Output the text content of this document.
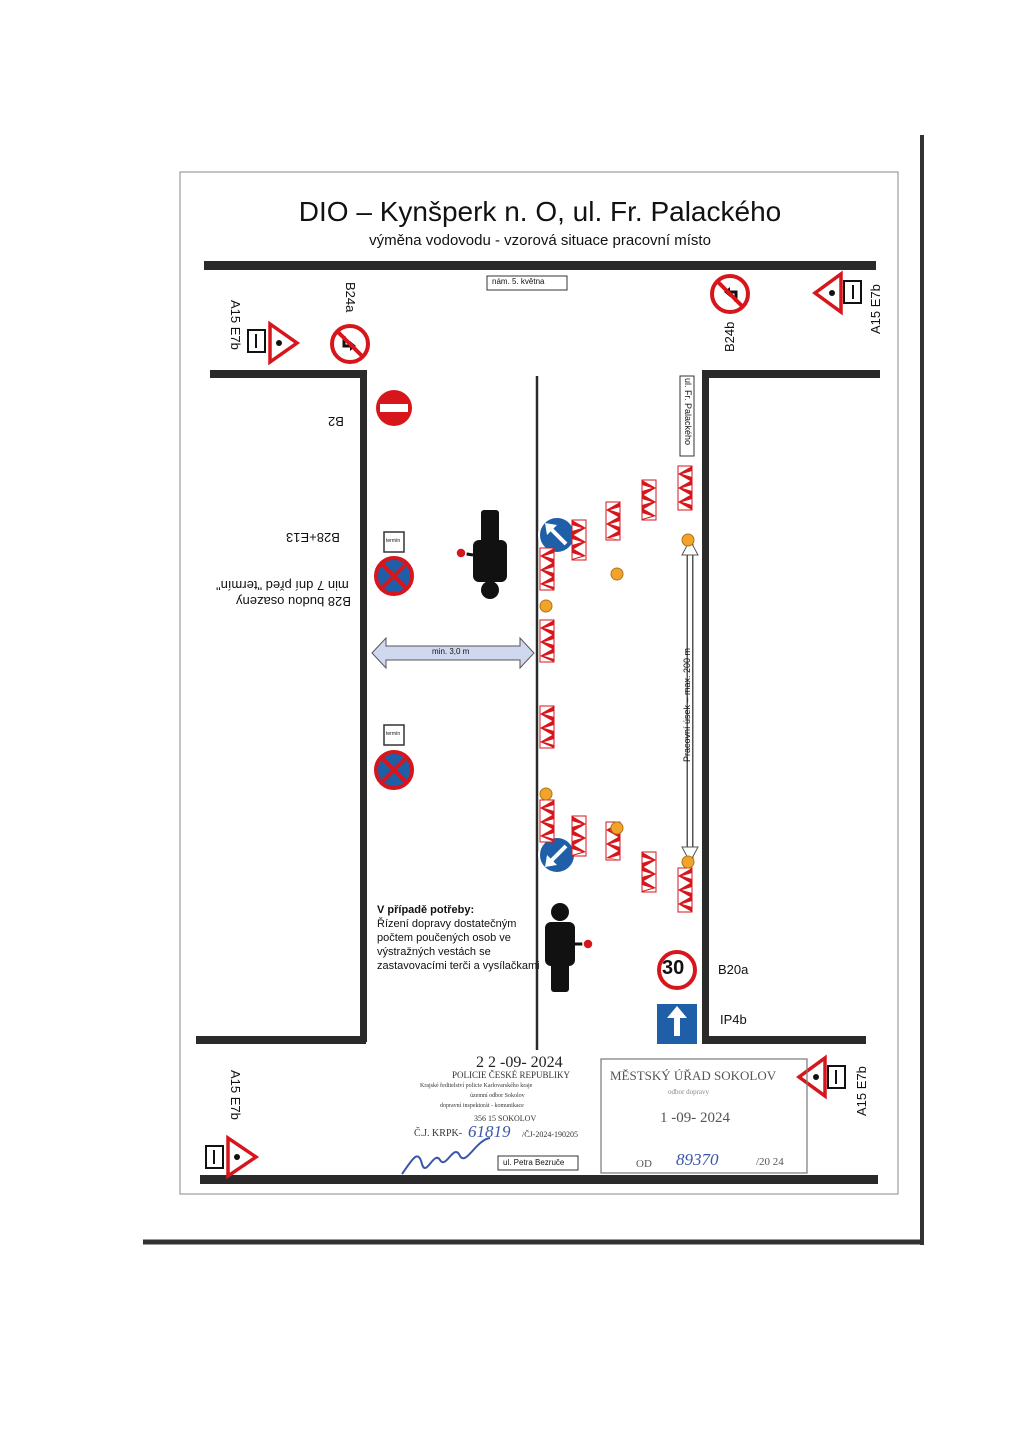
DIO – Kynšperk n. O, ul. Fr. Palackého
výměna vodovodu - vzorová situace pracovní místo
nám. 5. května
ul. Petra Bezruče
ul. Fr. Palackého
Pracovní úsek – max. 200 m
min. 3,0 m
B24a
B24b
A15 E7b	A15 E7b
A15 E7b	A15 E7b
B2
B28+E13
B28 budou osazeny
min 7 dní před "termín"
termín
termín
30	B20a
IP4b
V případě potřeby:
Řízení dopravy dostatečným počtem poučených osob ve výstražných vestách se zastavovacími terči a vysílačkami
2 2 -09- 2024
POLICIE ČESKÉ REPUBLIKY
Krajské ředitelství policie Karlovarského kraje
územní odbor Sokolov
dopravní inspektorát - komunikace
356 15 SOKOLOV
Č.J. KRPK- 61819 /ČJ-2024-190205
MĚSTSKÝ ÚŘAD SOKOLOV
odbor dopravy
1 -09- 2024
OD 89370	/20 24
